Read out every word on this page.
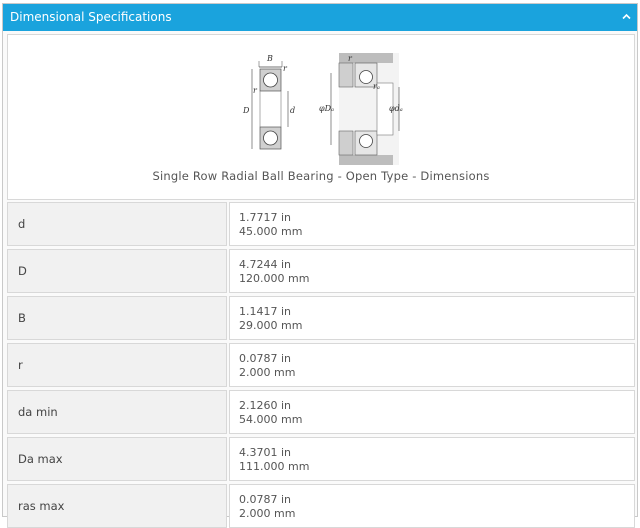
Dimensional Specifications
B
r
r
D	d	φDₐ	φdₐ
r
rₐ
Single Row Radial Ball Bearing - Open Type - Dimensions
d	1.7717 in
45.000 mm
D	4.7244 in
120.000 mm
B	1.1417 in
29.000 mm
r	0.0787 in
2.000 mm
da min	2.1260 in
54.000 mm
Da max	4.3701 in
111.000 mm
ras max	0.0787 in
2.000 mm
